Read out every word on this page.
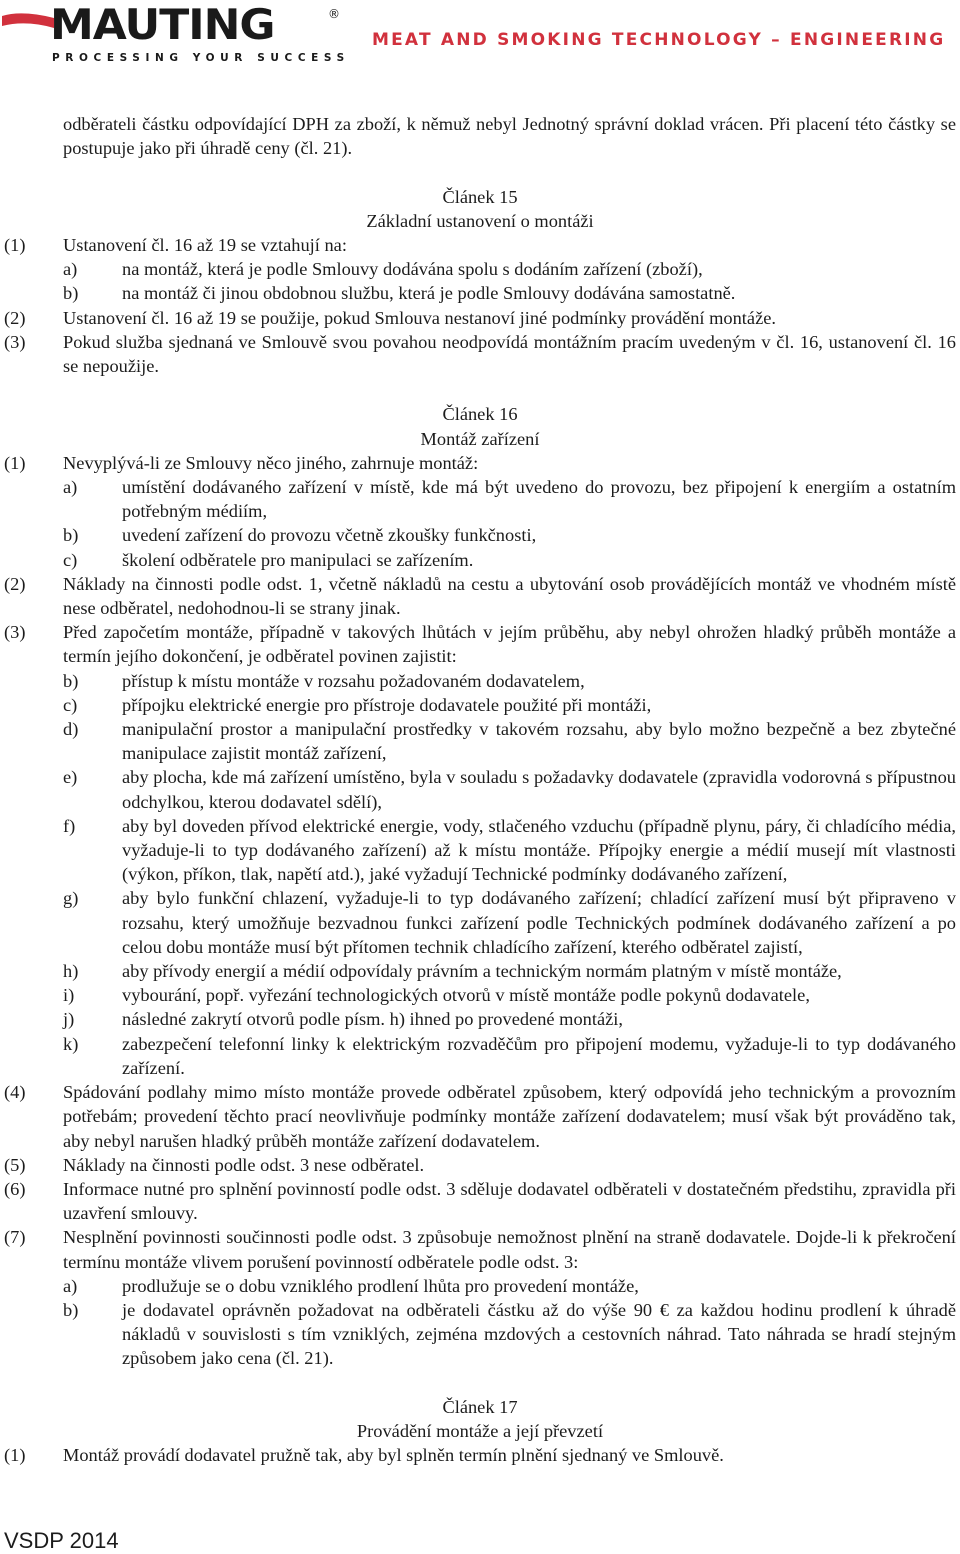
MAUTING	®
PROCESSING YOUR SUCCESS
MEAT AND SMOKING TECHNOLOGY – ENGINEERING
odběrateli částku odpovídající DPH za zboží, k němuž nebyl Jednotný správní doklad vrácen. Při placení této částky se postupuje jako při úhradě ceny (čl. 21).
Článek 15
Základní ustanovení o montáži
(1)	Ustanovení čl. 16 až 19 se vztahují na:
a)	na montáž, která je podle Smlouvy dodávána spolu s dodáním zařízení (zboží),
b)	na montáž či jinou obdobnou službu, která je podle Smlouvy dodávána samostatně.
(2)	Ustanovení čl. 16 až 19 se použije, pokud Smlouva nestanoví jiné podmínky provádění montáže.
(3)	Pokud služba sjednaná ve Smlouvě svou povahou neodpovídá montážním pracím uvedeným v čl. 16, ustanovení čl. 16 se nepoužije.
Článek 16
Montáž zařízení
(1)	Nevyplývá-li ze Smlouvy něco jiného, zahrnuje montáž:
a)	umístění dodávaného zařízení v místě, kde má být uvedeno do provozu, bez připojení k energiím a ostatním potřebným médiím,
b)	uvedení zařízení do provozu včetně zkoušky funkčnosti,
c)	školení odběratele pro manipulaci se zařízením.
(2)	Náklady na činnosti podle odst. 1, včetně nákladů na cestu a ubytování osob provádějících montáž ve vhodném místě nese odběratel, nedohodnou-li se strany jinak.
(3)	Před započetím montáže, případně v takových lhůtách v jejím průběhu, aby nebyl ohrožen hladký průběh montáže a termín jejího dokončení, je odběratel povinen zajistit:
b)	přístup k místu montáže v rozsahu požadovaném dodavatelem,
c)	přípojku elektrické energie pro přístroje dodavatele použité při montáži,
d)	manipulační prostor a manipulační prostředky v takovém rozsahu, aby bylo možno bezpečně a bez zbytečné manipulace zajistit montáž zařízení,
e)	aby plocha, kde má zařízení umístěno, byla v souladu s požadavky dodavatele (zpravidla vodorovná s přípustnou odchylkou, kterou dodavatel sdělí),
f)	aby byl doveden přívod elektrické energie, vody, stlačeného vzduchu (případně plynu, páry, či chladícího média, vyžaduje-li to typ dodávaného zařízení) až k místu montáže. Přípojky energie a médií musejí mít vlastnosti (výkon, příkon, tlak, napětí atd.), jaké vyžadují Technické podmínky dodávaného zařízení,
g)	aby bylo funkční chlazení, vyžaduje-li to typ dodávaného zařízení; chladící zařízení musí být připraveno v rozsahu, který umožňuje bezvadnou funkci zařízení podle Technických podmínek dodávaného zařízení a po celou dobu montáže musí být přítomen technik chladícího zařízení, kterého odběratel zajistí,
h)	aby přívody energií a médií odpovídaly právním a technickým normám platným v místě montáže,
i)	vybourání, popř. vyřezání technologických otvorů v místě montáže podle pokynů dodavatele,
j)	následné zakrytí otvorů podle písm. h) ihned po provedené montáži,
k)	zabezpečení telefonní linky k elektrickým rozvaděčům pro připojení modemu, vyžaduje-li to typ dodávaného zařízení.
(4)	Spádování podlahy mimo místo montáže provede odběratel způsobem, který odpovídá jeho technickým a provozním potřebám; provedení těchto prací neovlivňuje podmínky montáže zařízení dodavatelem; musí však být prováděno tak, aby nebyl narušen hladký průběh montáže zařízení dodavatelem.
(5)	Náklady na činnosti podle odst. 3 nese odběratel.
(6)	Informace nutné pro splnění povinností podle odst. 3 sděluje dodavatel odběrateli v dostatečném předstihu, zpravidla při uzavření smlouvy.
(7)	Nesplnění povinnosti součinnosti podle odst. 3 způsobuje nemožnost plnění na straně dodavatele. Dojde-li k překročení termínu montáže vlivem porušení povinností odběratele podle odst. 3:
a)	prodlužuje se o dobu vzniklého prodlení lhůta pro provedení montáže,
b)	je dodavatel oprávněn požadovat na odběrateli částku až do výše 90 € za každou hodinu prodlení k úhradě nákladů v souvislosti s tím vzniklých, zejména mzdových a cestovních náhrad. Tato náhrada se hradí stejným způsobem jako cena (čl. 21).
Článek 17
Provádění montáže a její převzetí
(1)	Montáž provádí dodavatel pružně tak, aby byl splněn termín plnění sjednaný ve Smlouvě.
VSDP 2014
